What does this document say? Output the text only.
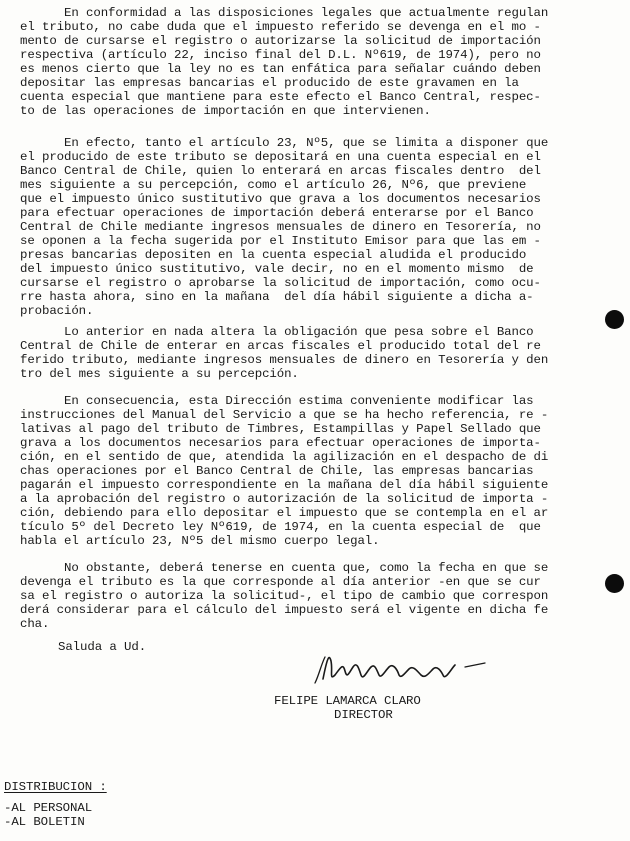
En conformidad a las disposiciones legales que actualmente regulan
el tributo, no cabe duda que el impuesto referido se devenga en el mo -
mento de cursarse el registro o autorizarse la solicitud de importación
respectiva (artículo 22, inciso final del D.L. Nº619, de 1974), pero no
es menos cierto que la ley no es tan enfática para señalar cuándo deben
depositar las empresas bancarias el producido de este gravamen en la
cuenta especial que mantiene para este efecto el Banco Central, respec-
to de las operaciones de importación en que intervienen.
En efecto, tanto el artículo 23, Nº5, que se limita a disponer que
el producido de este tributo se depositará en una cuenta especial en el
Banco Central de Chile, quien lo enterará en arcas fiscales dentro  del
mes siguiente a su percepción, como el artículo 26, Nº6, que previene
que el impuesto único sustitutivo que grava a los documentos necesarios
para efectuar operaciones de importación deberá enterarse por el Banco
Central de Chile mediante ingresos mensuales de dinero en Tesorería, no
se oponen a la fecha sugerida por el Instituto Emisor para que las em -
presas bancarias depositen en la cuenta especial aludida el producido
del impuesto único sustitutivo, vale decir, no en el momento mismo  de
cursarse el registro o aprobarse la solicitud de importación, como ocu-
rre hasta ahora, sino en la mañana  del día hábil siguiente a dicha a-
probación.
Lo anterior en nada altera la obligación que pesa sobre el Banco
Central de Chile de enterar en arcas fiscales el producido total del re
ferido tributo, mediante ingresos mensuales de dinero en Tesorería y den
tro del mes siguiente a su percepción.
En consecuencia, esta Dirección estima conveniente modificar las
instrucciones del Manual del Servicio a que se ha hecho referencia, re -
lativas al pago del tributo de Timbres, Estampillas y Papel Sellado que
grava a los documentos necesarios para efectuar operaciones de importa-
ción, en el sentido de que, atendida la agilización en el despacho de di
chas operaciones por el Banco Central de Chile, las empresas bancarias
pagarán el impuesto correspondiente en la mañana del día hábil siguiente
a la aprobación del registro o autorización de la solicitud de importa -
ción, debiendo para ello depositar el impuesto que se contempla en el ar
tículo 5º del Decreto ley Nº619, de 1974, en la cuenta especial de  que
habla el artículo 23, Nº5 del mismo cuerpo legal.
No obstante, deberá tenerse en cuenta que, como la fecha en que se
devenga el tributo es la que corresponde al día anterior -en que se cur
sa el registro o autoriza la solicitud-, el tipo de cambio que correspon
derá considerar para el cálculo del impuesto será el vigente en dicha fe
cha.
Saluda a Ud.
FELIPE LAMARCA CLARO
DIRECTOR
DISTRIBUCION :
-AL PERSONAL
-AL BOLETIN
